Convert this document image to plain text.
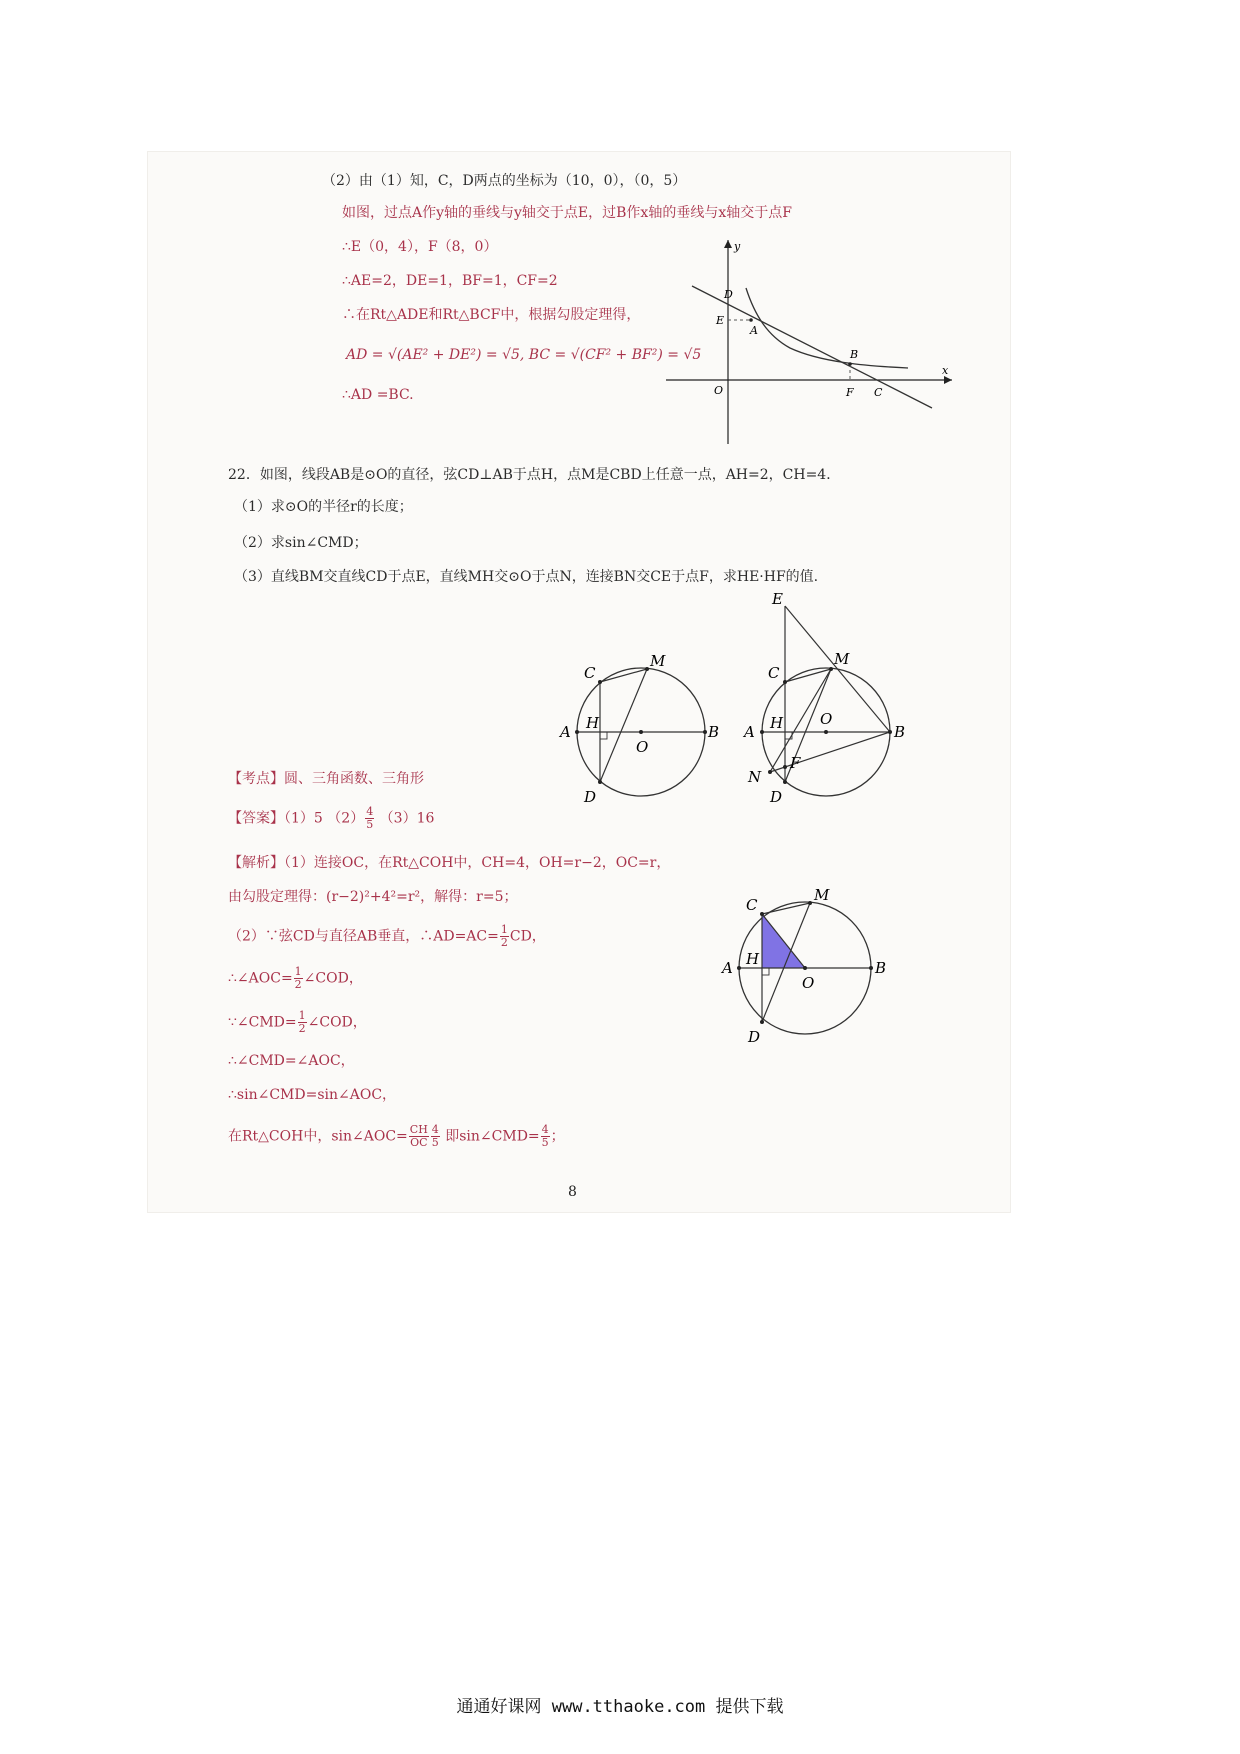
（2）由（1）知，C，D两点的坐标为（10，0），（0，5）
如图，过点A作y轴的垂线与y轴交于点E，过B作x轴的垂线与x轴交于点F
∴E（0，4），F（8，0）
∴AE=2，DE=1，BF=1，CF=2
∴在Rt△ADE和Rt△BCF中，根据勾股定理得，
AD = √(AE² + DE²) = √5, BC = √(CF² + BF²) = √5
∴AD =BC.
y
x
D
E
A
B
O	F C
22．如图，线段AB是⊙O的直径，弦CD⊥AB于点H，点M是CBD上任意一点，AH=2，CH=4．
（1）求⊙O的半径r的长度；
（2）求sin∠CMD；
（3）直线BM交直线CD于点E，直线MH交⊙O于点N，连接BN交CE于点F，求HE·HF的值.
C
M
A H
O
B
D
E
C
M
A H O
B
N
F
D
【考点】圆、三角函数、三角形
【答案】（1）5 $(2) \frac{4}{5} (3)16$
【解析】（1）连接OC，在Rt△COH中，CH=4，OH=r−2，OC=r，
由勾股定理得：(r−2)²+4²=r²，解得：r=5；
（2）∵弦CD与直径AB垂直，∴AD=AC= $\frac{1}{2}$ CD，
∴∠AOC= $\frac{1}{2}$ ∠COD，
∵∠CMD= $\frac{1}{2}$ ∠COD，
∴∠CMD=∠AOC，
∴sin∠CMD=sin∠AOC，
在Rt△COH中，sin∠AOC= $\frac{CH}{OC} \frac{4}{5}$ 即sin∠CMD= $\frac{4}{5}$ ；
C
M
A H
O
B
D
8
通通好课网 www.tthaoke.com 提供下载
